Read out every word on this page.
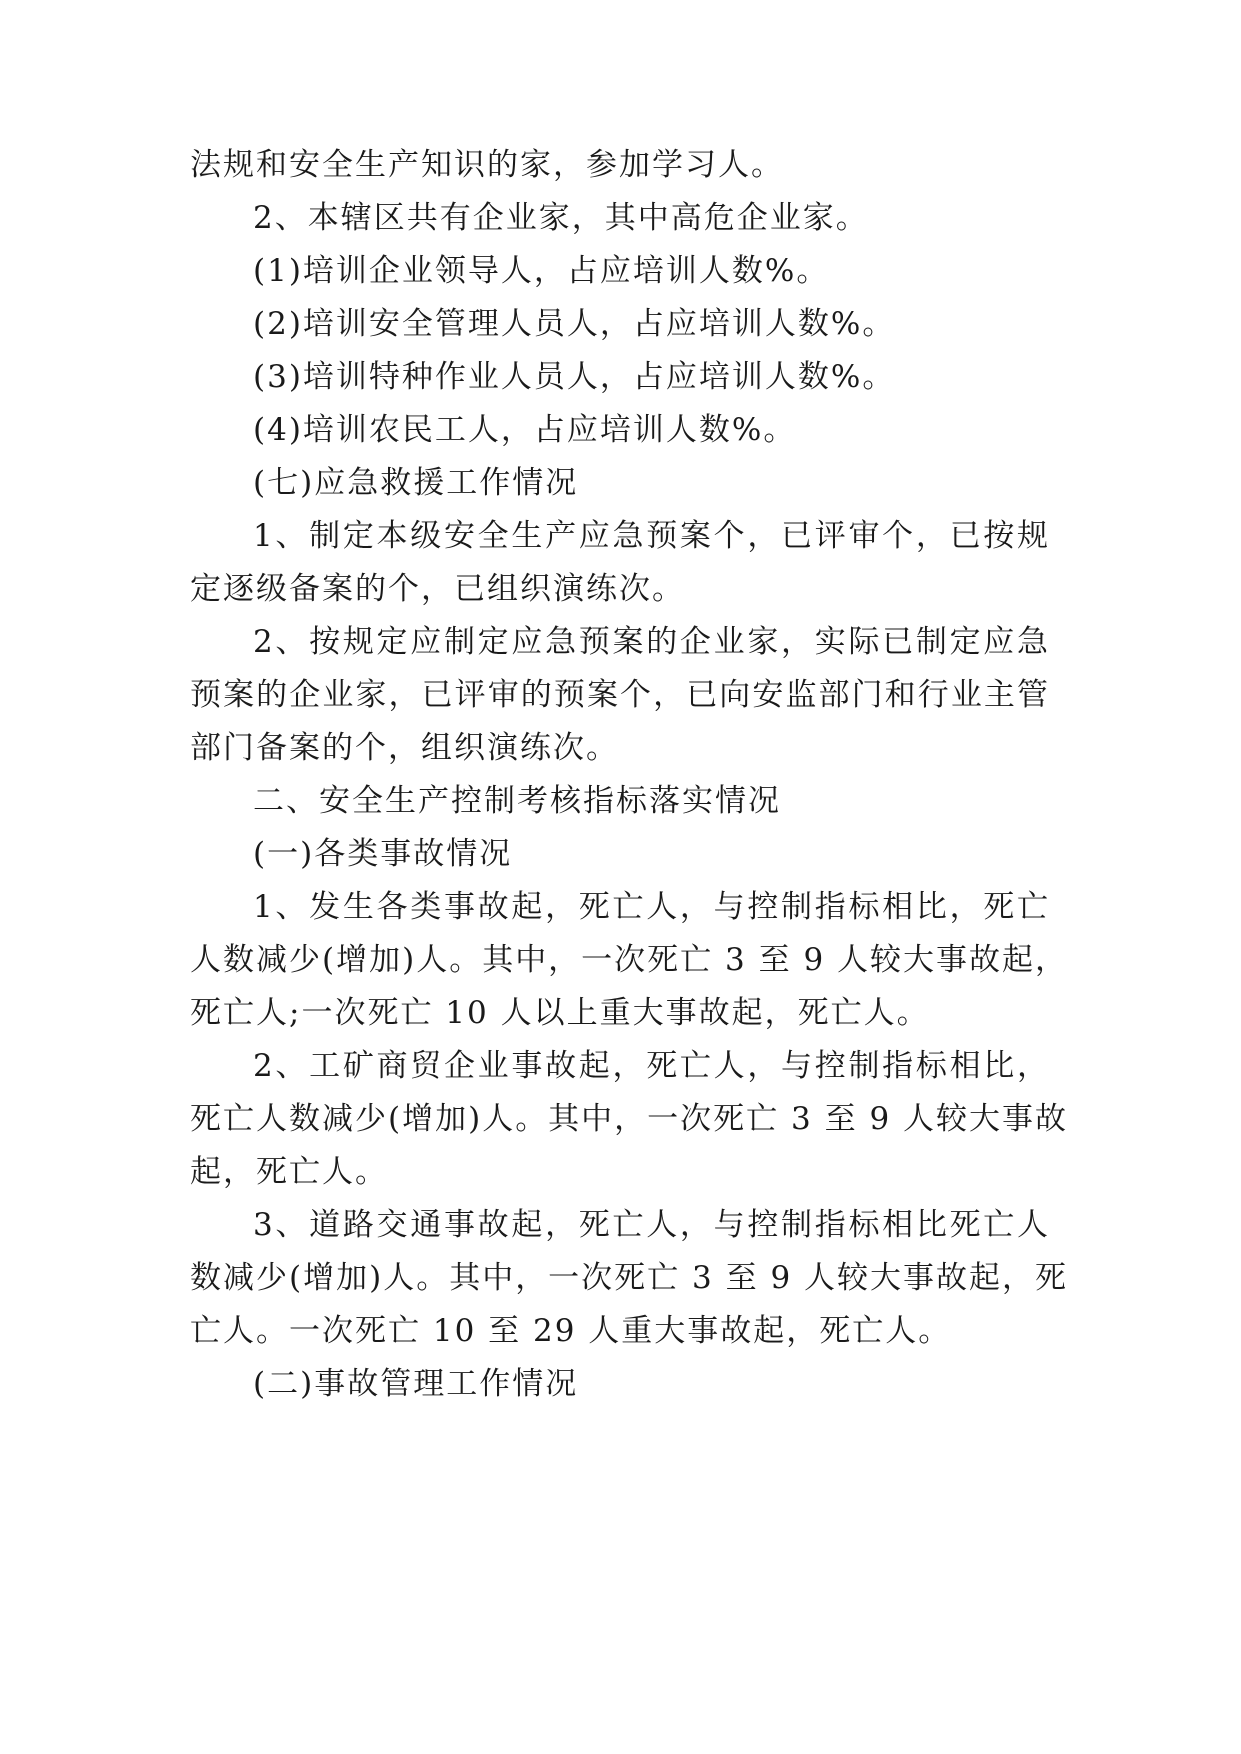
法规和安全生产知识的家，参加学习人。

2、本辖区共有企业家，其中高危企业家。

(1)培训企业领导人，占应培训人数%。

(2)培训安全管理人员人，占应培训人数%。

(3)培训特种作业人员人，占应培训人数%。

(4)培训农民工人，占应培训人数%。

(七)应急救援工作情况

1、制定本级安全生产应急预案个，已评审个，已按规

定逐级备案的个，已组织演练次。

2、按规定应制定应急预案的企业家，实际已制定应急

预案的企业家，已评审的预案个，已向安监部门和行业主管

部门备案的个，组织演练次。

二、安全生产控制考核指标落实情况

(一)各类事故情况

1、发生各类事故起，死亡人，与控制指标相比，死亡

人数减少(增加)人。其中，一次死亡 3 至 9 人较大事故起，

死亡人;一次死亡 10 人以上重大事故起，死亡人。

2、工矿商贸企业事故起，死亡人，与控制指标相比，

死亡人数减少(增加)人。其中，一次死亡 3 至 9 人较大事故

起，死亡人。

3、道路交通事故起，死亡人，与控制指标相比死亡人

数减少(增加)人。其中，一次死亡 3 至 9 人较大事故起，死

亡人。一次死亡 10 至 29 人重大事故起，死亡人。

(二)事故管理工作情况
